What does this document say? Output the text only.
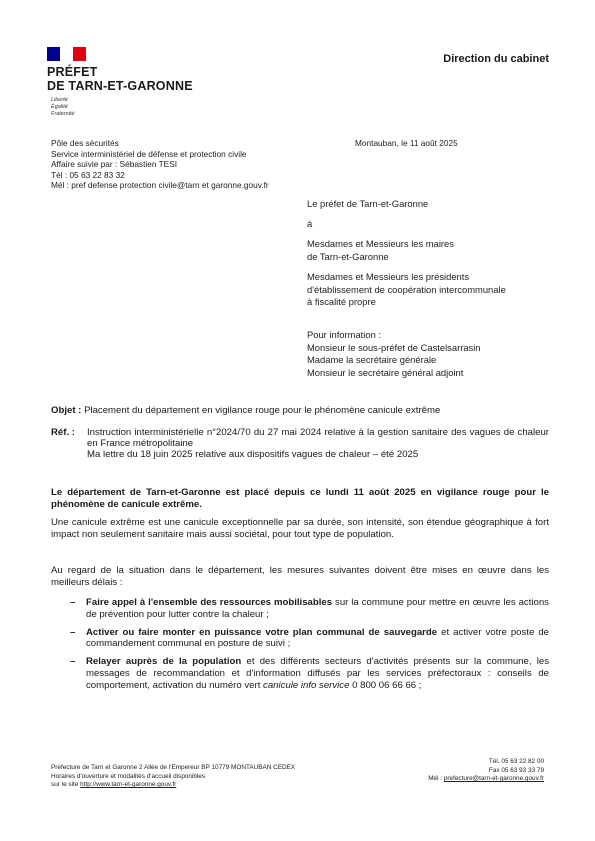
PRÉFET
DE TARN-ET-GARONNE
Liberté
Égalité
Fraternité
Direction du cabinet
Pôle des sécurités
Service interministériel de défense et protection civile
Affaire suivie par : Sébastien TESI
Tél : 05 63 22 83 32
Mél : pref defense protection civile@tarn et garonne.gouv.fr
Montauban, le 11 août 2025
Le préfet de Tarn-et-Garonne
à
Mesdames et Messieurs les maires
de Tarn-et-Garonne
Mesdames et Messieurs les présidents
d'établissement de coopération intercommunale
à fiscalité propre
Pour information :
Monsieur le sous-préfet de Castelsarrasin
Madame la secrétaire générale
Monsieur le secrétaire général adjoint
Objet : Placement du département en vigilance rouge pour le phénomène canicule extrême
Réf. : Instruction interministérielle n°2024/70 du 27 mai 2024 relative à la gestion sanitaire des vagues de chaleur en France métropolitaine

Ma lettre du 18 juin 2025 relative aux dispositifs vagues de chaleur – été 2025

Le département de Tarn-et-Garonne est placé depuis ce lundi 11 août 2025 en vigilance rouge pour le phénomène de canicule extrême.

Une canicule extrême est une canicule exceptionnelle par sa durée, son intensité, son étendue géographique à fort impact non seulement sanitaire mais aussi sociétal, pour tout type de population.

Au regard de la situation dans le département, les mesures suivantes doivent être mises en œuvre dans les meilleurs délais :

– Faire appel à l'ensemble des ressources mobilisables sur la commune pour mettre en œuvre les actions de prévention pour lutter contre la chaleur ;
– Activer ou faire monter en puissance votre plan communal de sauvegarde et activer votre poste de commandement communal en posture de suivi ;
– Relayer auprès de la population et des différents secteurs d'activités présents sur la commune, les messages de recommandation et d'information diffusés par les services préfectoraux : conseils de comportement, activation du numéro vert canicule info service 0 800 06 66 66 ;
Préfecture de Tarn et Garonne 2 Allée de l'Empereur BP 10779 MONTAUBAN CEDEX
Horaires d'ouverture et modalités d'accueil disponibles
sur le site http://www.tarn-et-garonne.gouv.fr
Tél. 05 63 22 82 00
Fax 05 63 93 33 79
Mél : prefecture@tarn-et-garonne.gouv.fr
